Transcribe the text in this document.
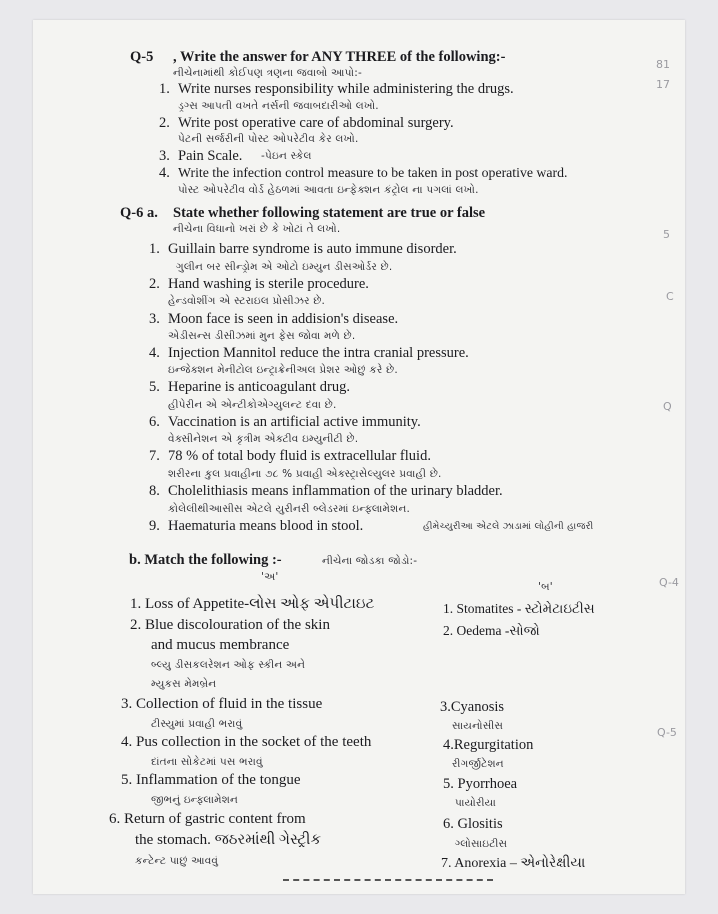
Q-5 , Write the answer for ANY THREE of the following:-
નીચેનામાંથી કોઈપણ ત્રણના જવાબો આપો:-
1. Write nurses responsibility while administering the drugs.
ડ્રગ્સ આપતી વખતે નર્સની જવાબદારીઓ લખો.
2. Write post operative care of abdominal surgery.
પેટની સર્જરીની પોસ્ટ ઓપરેટીવ કેર લખો.
3. Pain Scale. -પેઇન સ્કેલ
4. Write the infection control measure to be taken in post operative ward.
પોસ્ટ ઓપરેટીવ વોર્ડ હેઠળમાં આવતા ઇન્ફેક્શન કંટ્રોલ ના પગલાં લખો.
Q-6 a. State whether following statement are true or false
નીચેના વિધાનો ખરાં છે કે ખોટાં તે લખો.
1. Guillain barre syndrome is auto immune disorder.
ગુલીન બર સીન્ડ્રોમ એ ઓટો ઇમ્યુન ડીસઓર્ડર છે.
2. Hand washing is sterile procedure.
હેન્ડવોશીંગ એ સ્ટરાઇલ પ્રોસીઝર છે.
3. Moon face is seen in addision's disease.
એડીસન્સ ડીસીઝમાં મુન ફેસ જોવા મળે છે.
4. Injection Mannitol reduce the intra cranial pressure.
ઇન્જેક્શન મેનીટોલ ઇન્ટ્રાક્રેનીઅલ પ્રેશર ઓછું કરે છે.
5. Heparine is anticoagulant drug.
હીપેરીન એ એન્ટીકોએગ્યુલન્ટ દવા છે.
6. Vaccination is an artificial active immunity.
વેક્સીનેશન એ કૃત્રીમ એક્ટીવ ઇમ્યુનીટી છે.
7. 78 % of total body fluid is extracellular fluid.
શરીરના કુલ પ્રવાહીના ૭૮ % પ્રવાહી એક્સ્ટ્રાસેલ્યુલર પ્રવાહી છે.
8. Cholelithiasis means inflammation of the urinary bladder.
કોલેલીથીઆસીસ એટલે યુરીનરી બ્લેડરમાં ઇન્ફ્લામેશન.
9. Haematuria means blood in stool.	હીમેચ્યુરીઆ એટલે ઝાડામાં લોહીની હાજરી
b. Match the following :-	નીચેના જોડકા જોડો:-
'અ'
'બ'
1. Loss of Appetite-લોસ ઓફ એપીટાઇટ
2. Blue discolouration of the skin
and mucus membrance
બ્લ્યુ ડીસકલરેશન ઓફ સ્કીન અને
મ્યુકસ મેમબ્રેન
3. Collection of fluid in the tissue
ટીસ્યુમાં પ્રવાહી ભરાવું
4. Pus collection in the socket of the teeth
દાંતના સોકેટમાં પસ ભરાવું
5. Inflammation of the tongue
જીભનું ઇન્ફ્લામેશન
6. Return of gastric content from
the stomach. જઠરમાંથી ગેસ્ટ્રીક
કન્ટેન્ટ પાછું આવવું
1. Stomatites - સ્ટોમેટાઇટીસ
2. Oedema -સોજો
3.Cyanosis
સાયનોસીસ
4.Regurgitation
રીગર્જીટેશન
5. Pyorrhoea
પાયોરીયા
6. Glositis
ગ્લોસાઇટીસ
7. Anorexia – એનોરેક્ષીયા
81
17
5
C
Q
Q-4
Q-5
